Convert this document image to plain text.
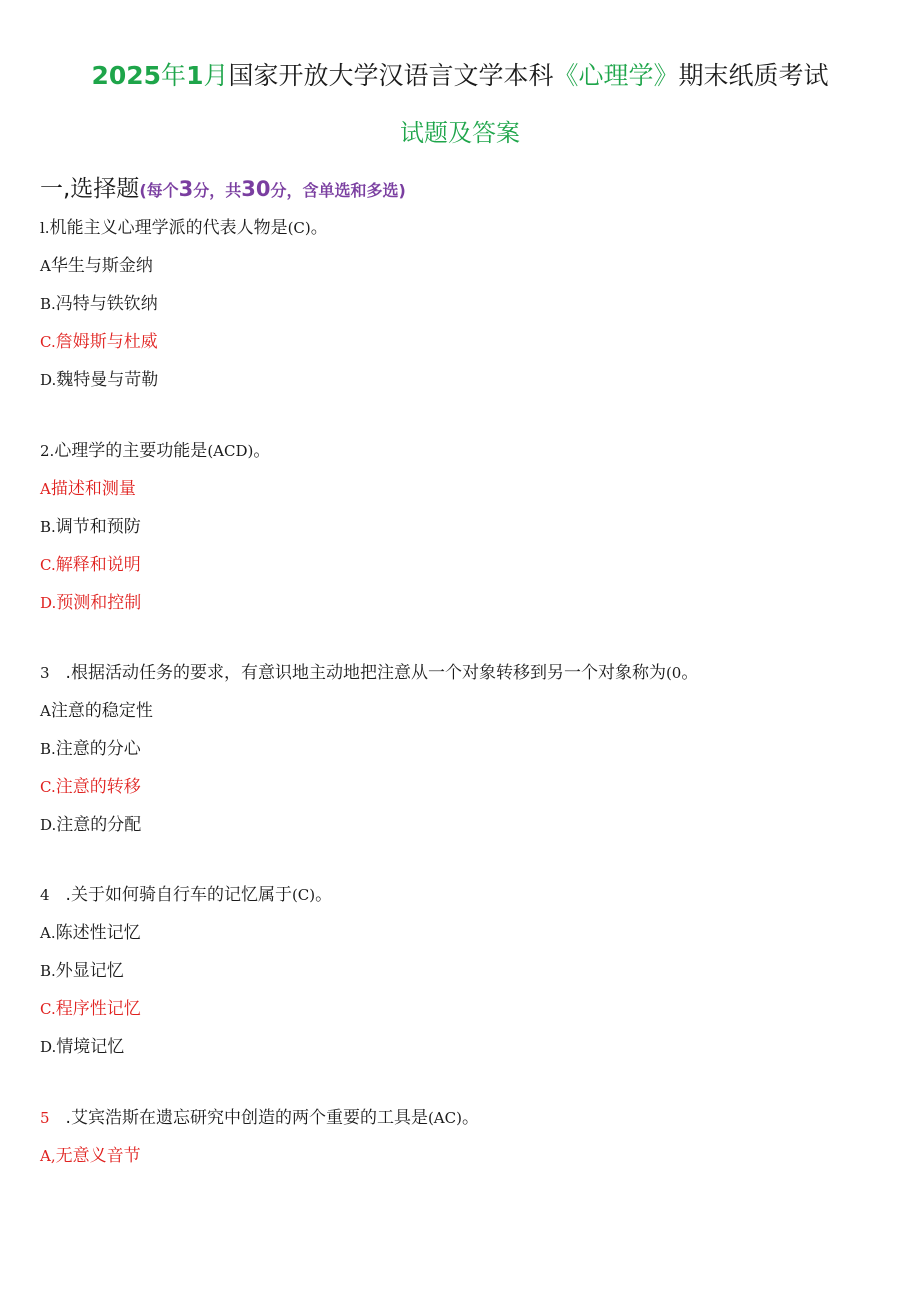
2025年1月国家开放大学汉语言文学本科《心理学》期末纸质考试
试题及答案
一,选择题(每个3分，共30分，含单选和多选)
l.机能主义心理学派的代表人物是(C)。
A华生与斯金纳
B.冯特与铁钦纳
C.詹姆斯与杜威
D.魏特曼与苛勒
2.心理学的主要功能是(ACD)。
A描述和测量
B.调节和预防
C.解释和说明
D.预测和控制
3 .根据活动任务的要求，有意识地主动地把注意从一个对象转移到另一个对象称为(0。
A注意的稳定性
B.注意的分心
C.注意的转移
D.注意的分配
4 .关于如何骑自行车的记忆属于(C)。
A.陈述性记忆
B.外显记忆
C.程序性记忆
D.情境记忆
5 .艾宾浩斯在遗忘研究中创造的两个重要的工具是(AC)。
A,无意义音节
